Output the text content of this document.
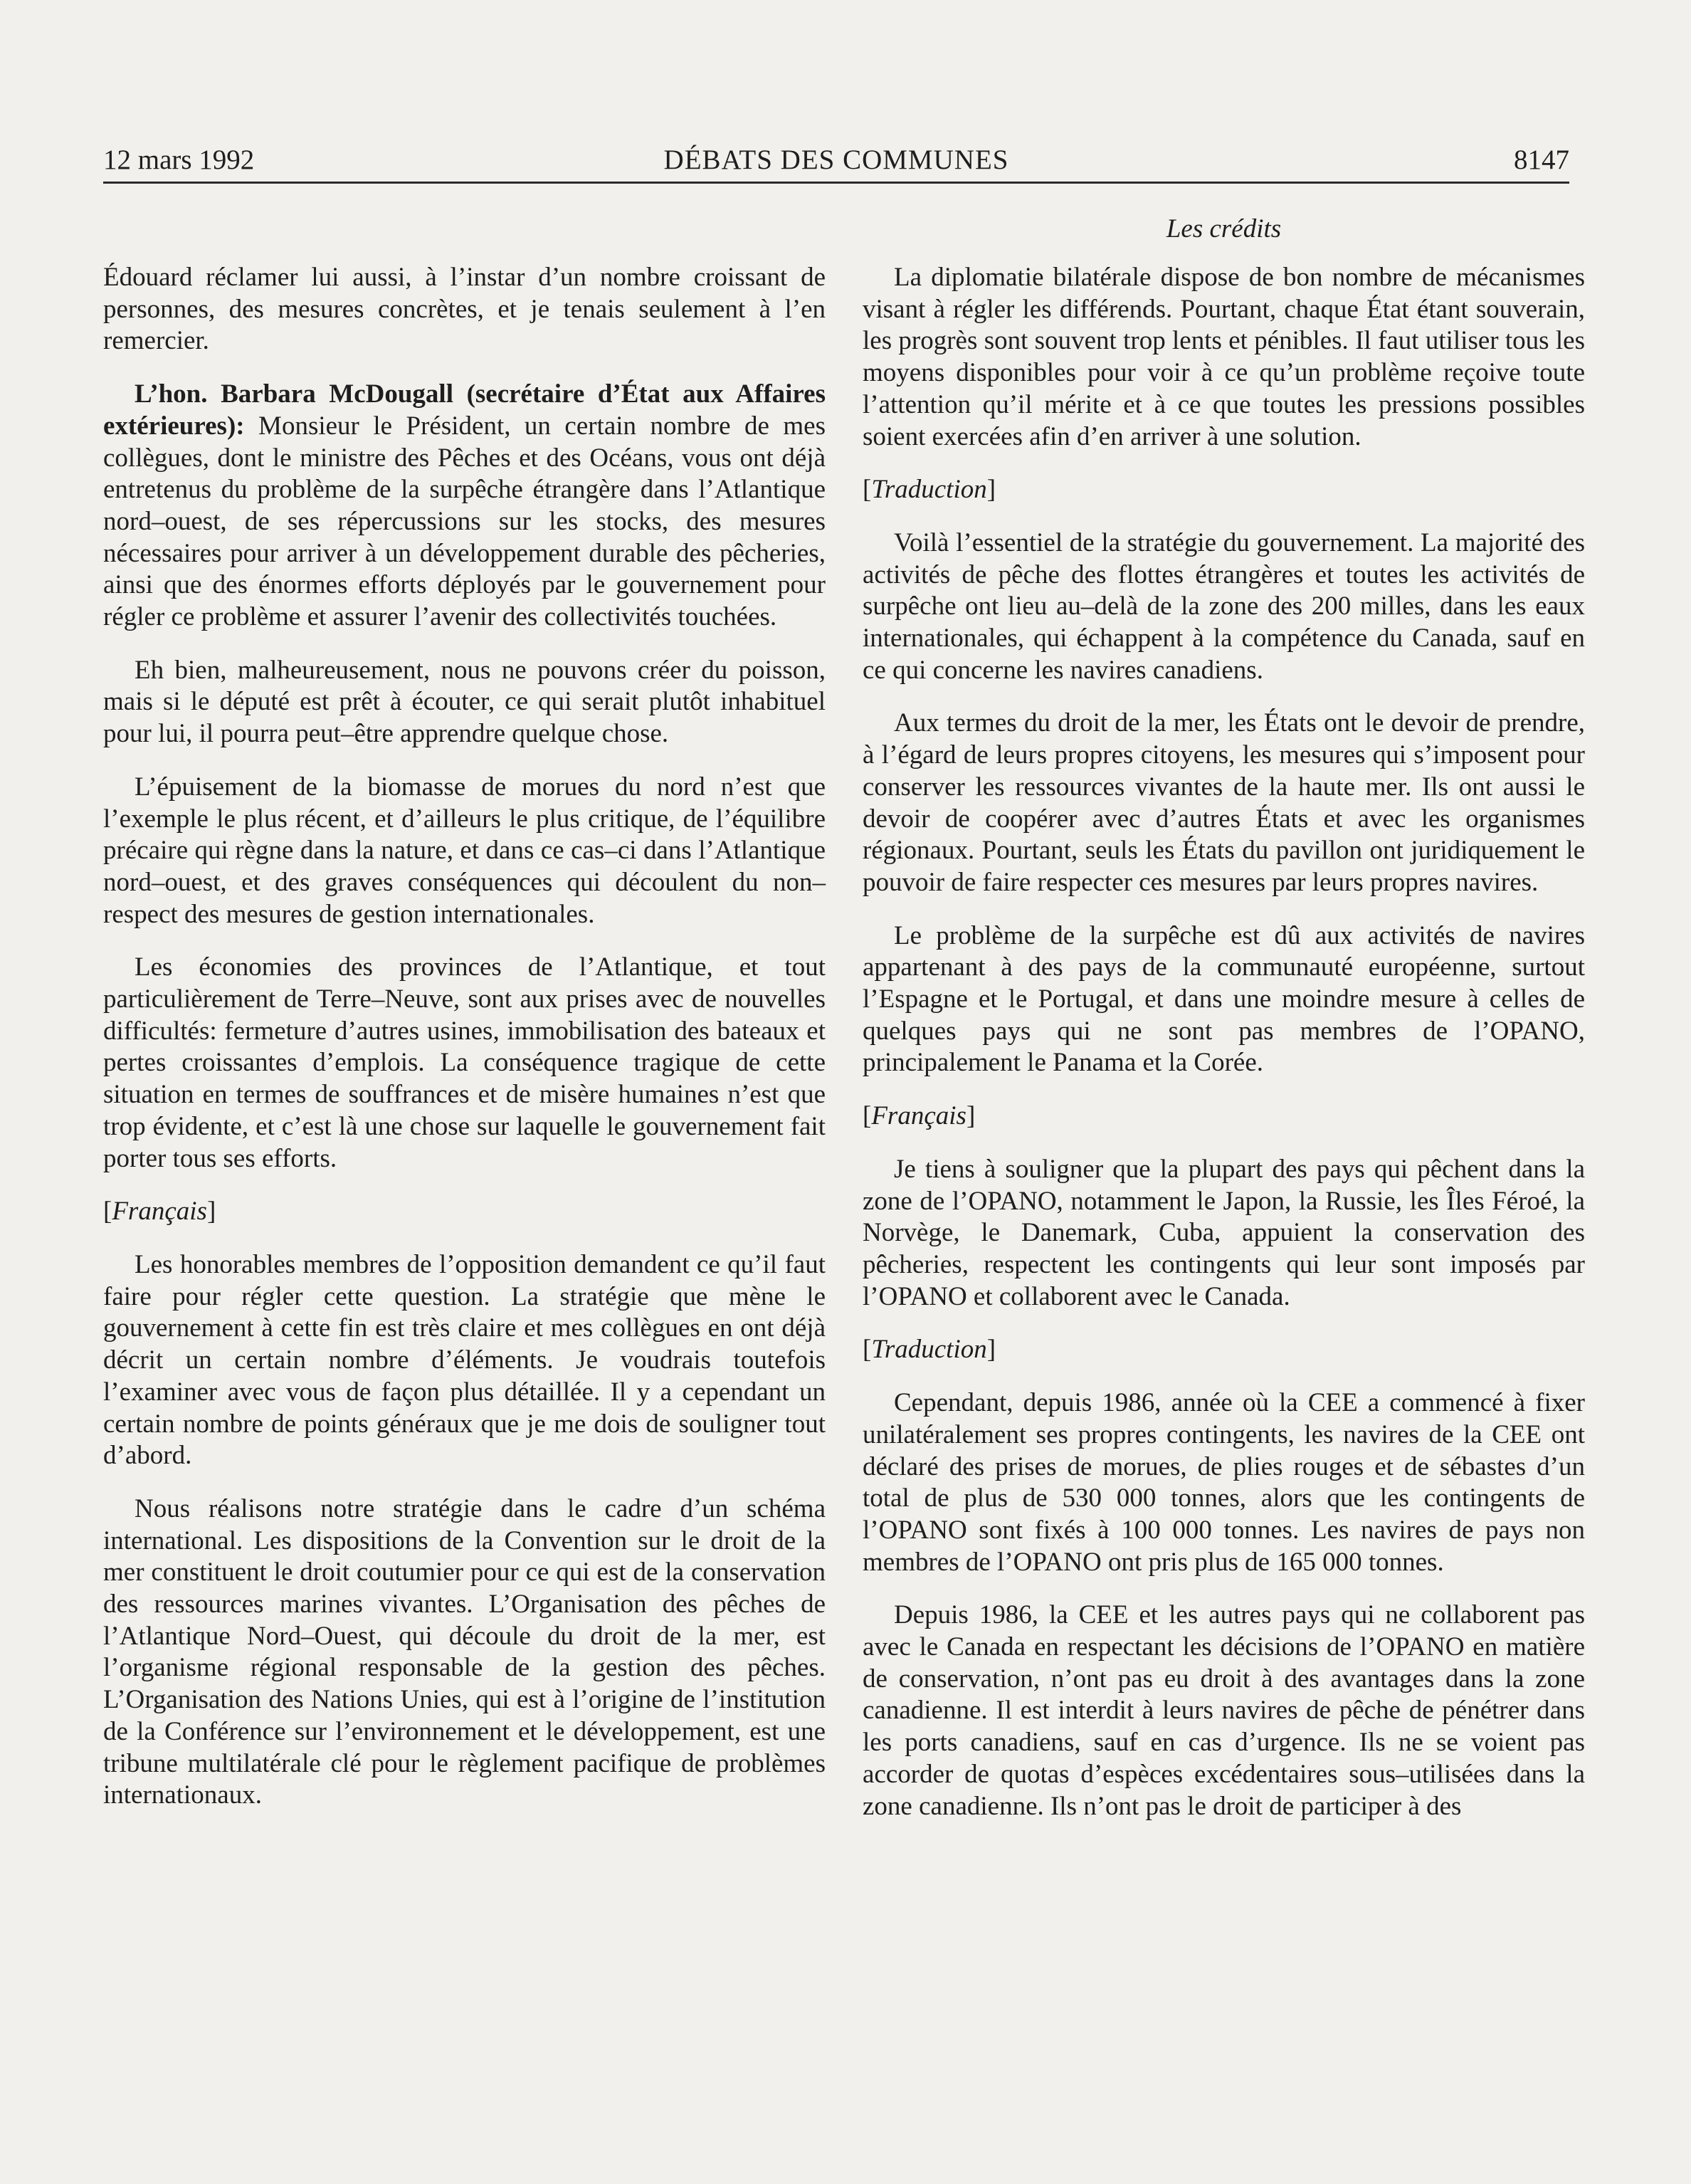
12 mars 1992	DÉBATS DES COMMUNES	8147

Édouard réclamer lui aussi, à l’instar d’un nombre croissant de personnes, des mesures concrètes, et je tenais seulement à l’en remercier.

L’hon. Barbara McDougall (secrétaire d’État aux Affaires extérieures): Monsieur le Président, un certain nombre de mes collègues, dont le ministre des Pêches et des Océans, vous ont déjà entretenus du problème de la surpêche étrangère dans l’Atlantique nord–ouest, de ses répercussions sur les stocks, des mesures nécessaires pour arriver à un développement durable des pêcheries, ainsi que des énormes efforts déployés par le gouvernement pour régler ce problème et assurer l’avenir des collectivités touchées.

Eh bien, malheureusement, nous ne pouvons créer du poisson, mais si le député est prêt à écouter, ce qui serait plutôt inhabituel pour lui, il pourra peut–être apprendre quelque chose.

L’épuisement de la biomasse de morues du nord n’est que l’exemple le plus récent, et d’ailleurs le plus critique, de l’équilibre précaire qui règne dans la nature, et dans ce cas–ci dans l’Atlantique nord–ouest, et des graves conséquences qui découlent du non–respect des mesures de gestion internationales.

Les économies des provinces de l’Atlantique, et tout particulièrement de Terre–Neuve, sont aux prises avec de nouvelles difficultés: fermeture d’autres usines, immobilisation des bateaux et pertes croissantes d’emplois. La conséquence tragique de cette situation en termes de souffrances et de misère humaines n’est que trop évidente, et c’est là une chose sur laquelle le gouvernement fait porter tous ses efforts.

[ Français ]

Les honorables membres de l’opposition demandent ce qu’il faut faire pour régler cette question. La stratégie que mène le gouvernement à cette fin est très claire et mes collègues en ont déjà décrit un certain nombre d’éléments. Je voudrais toutefois l’examiner avec vous de façon plus détaillée. Il y a cependant un certain nombre de points généraux que je me dois de souligner tout d’abord.

Nous réalisons notre stratégie dans le cadre d’un schéma international. Les dispositions de la Convention sur le droit de la mer constituent le droit coutumier pour ce qui est de la conservation des ressources marines vivantes. L’Organisation des pêches de l’Atlantique Nord–Ouest, qui découle du droit de la mer, est l’organisme régional responsable de la gestion des pêches. L’Organisation des Nations Unies, qui est à l’origine de l’institution de la Conférence sur l’environnement et le développement, est une tribune multilatérale clé pour le règlement pacifique de problèmes internationaux.

Les crédits

La diplomatie bilatérale dispose de bon nombre de mécanismes visant à régler les différends. Pourtant, chaque État étant souverain, les progrès sont souvent trop lents et pénibles. Il faut utiliser tous les moyens disponibles pour voir à ce qu’un problème reçoive toute l’attention qu’il mérite et à ce que toutes les pressions possibles soient exercées afin d’en arriver à une solution.

[ Traduction ]

Voilà l’essentiel de la stratégie du gouvernement. La majorité des activités de pêche des flottes étrangères et toutes les activités de surpêche ont lieu au–delà de la zone des 200 milles, dans les eaux internationales, qui échappent à la compétence du Canada, sauf en ce qui concerne les navires canadiens.

Aux termes du droit de la mer, les États ont le devoir de prendre, à l’égard de leurs propres citoyens, les mesures qui s’imposent pour conserver les ressources vivantes de la haute mer. Ils ont aussi le devoir de coopérer avec d’autres États et avec les organismes régionaux. Pourtant, seuls les États du pavillon ont juridiquement le pouvoir de faire respecter ces mesures par leurs propres navires.

Le problème de la surpêche est dû aux activités de navires appartenant à des pays de la communauté européenne, surtout l’Espagne et le Portugal, et dans une moindre mesure à celles de quelques pays qui ne sont pas membres de l’OPANO, principalement le Panama et la Corée.

[ Français ]

Je tiens à souligner que la plupart des pays qui pêchent dans la zone de l’OPANO, notamment le Japon, la Russie, les Îles Féroé, la Norvège, le Danemark, Cuba, appuient la conservation des pêcheries, respectent les contingents qui leur sont imposés par l’OPANO et collaborent avec le Canada.

[ Traduction ]

Cependant, depuis 1986, année où la CEE a commencé à fixer unilatéralement ses propres contingents, les navires de la CEE ont déclaré des prises de morues, de plies rouges et de sébastes d’un total de plus de 530 000 tonnes, alors que les contingents de l’OPANO sont fixés à 100 000 tonnes. Les navires de pays non membres de l’OPANO ont pris plus de 165 000 tonnes.

Depuis 1986, la CEE et les autres pays qui ne collaborent pas avec le Canada en respectant les décisions de l’OPANO en matière de conservation, n’ont pas eu droit à des avantages dans la zone canadienne. Il est interdit à leurs navires de pêche de pénétrer dans les ports canadiens, sauf en cas d’urgence. Ils ne se voient pas accorder de quotas d’espèces excédentaires sous–utilisées dans la zone canadienne. Ils n’ont pas le droit de participer à des
